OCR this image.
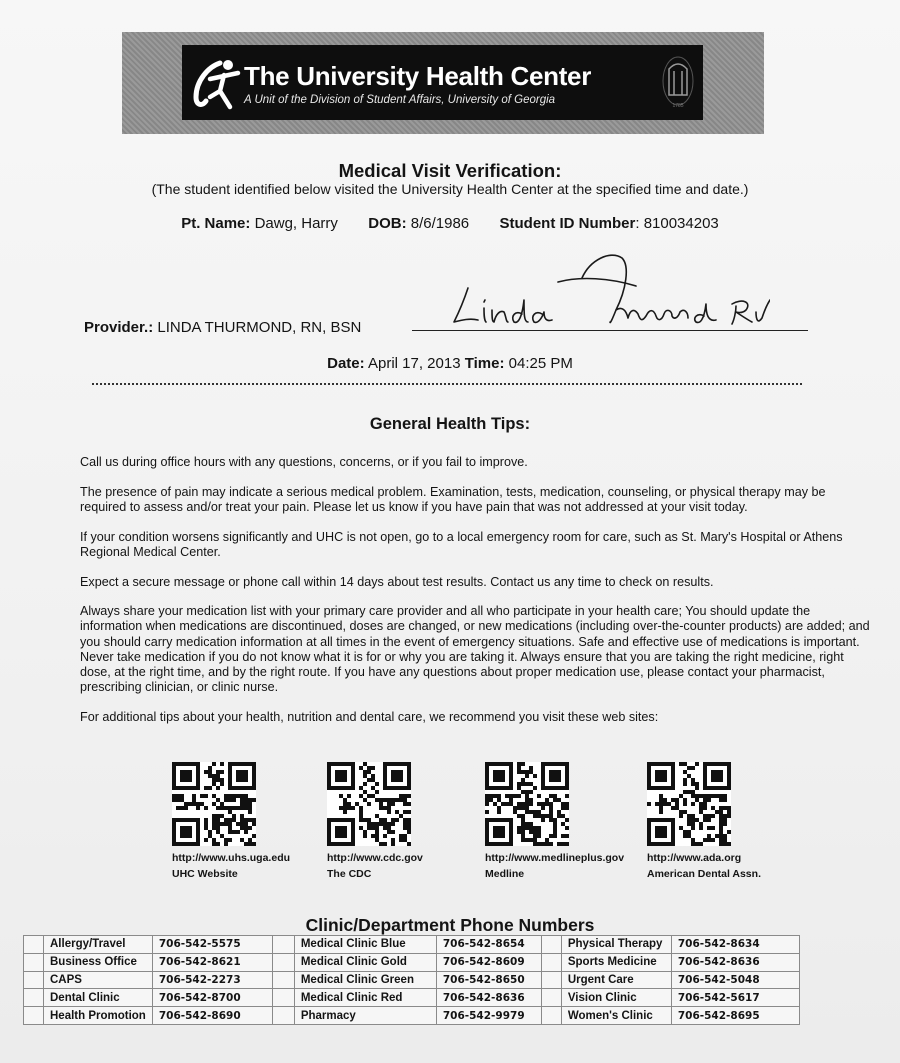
The University Health Center
A Unit of the Division of Student Affairs, University of Georgia	1785
Medical Visit Verification:
(The student identified below visited the University Health Center at the specified time and date.)
Pt. Name: Dawg, Harry DOB: 8/6/1986 Student ID Number: 810034203
Provider.: LINDA THURMOND, RN, BSN
Date: April 17, 2013 Time: 04:25 PM
General Health Tips:

Call us during office hours with any questions, concerns, or if you fail to improve.

The presence of pain may indicate a serious medical problem. Examination, tests, medication, counseling, or physical therapy may be required to assess and/or treat your pain. Please let us know if you have pain that was not addressed at your visit today.

If your condition worsens significantly and UHC is not open, go to a local emergency room for care, such as St. Mary's Hospital or Athens Regional Medical Center.

Expect a secure message or phone call within 14 days about test results. Contact us any time to check on results.

Always share your medication list with your primary care provider and all who participate in your health care; You should update the information when medications are discontinued, doses are changed, or new medications (including over-the-counter products) are added; and you should carry medication information at all times in the event of emergency situations. Safe and effective use of medications is important. Never take medication if you do not know what it is for or why you are taking it. Always ensure that you are taking the right medicine, right dose, at the right time, and by the right route. If you have any questions about proper medication use, please contact your pharmacist, prescribing clinician, or clinic nurse.

For additional tips about your health, nutrition and dental care, we recommend you visit these web sites:

http://www.uhs.uga.edu
UHC Website
http://www.cdc.gov
The CDC
http://www.medlineplus.gov
Medline
http://www.ada.org
American Dental Assn.
Clinic/Department Phone Numbers
	Allergy/Travel	706-542-5575		Medical Clinic Blue	706-542-8654		Physical Therapy	706-542-8634
	Business Office	706-542-8621		Medical Clinic Gold	706-542-8609		Sports Medicine	706-542-8636
	CAPS	706-542-2273		Medical Clinic Green	706-542-8650		Urgent Care	706-542-5048
	Dental Clinic	706-542-8700		Medical Clinic Red	706-542-8636		Vision Clinic	706-542-5617
	Health Promotion	706-542-8690		Pharmacy	706-542-9979		Women's Clinic	706-542-8695
